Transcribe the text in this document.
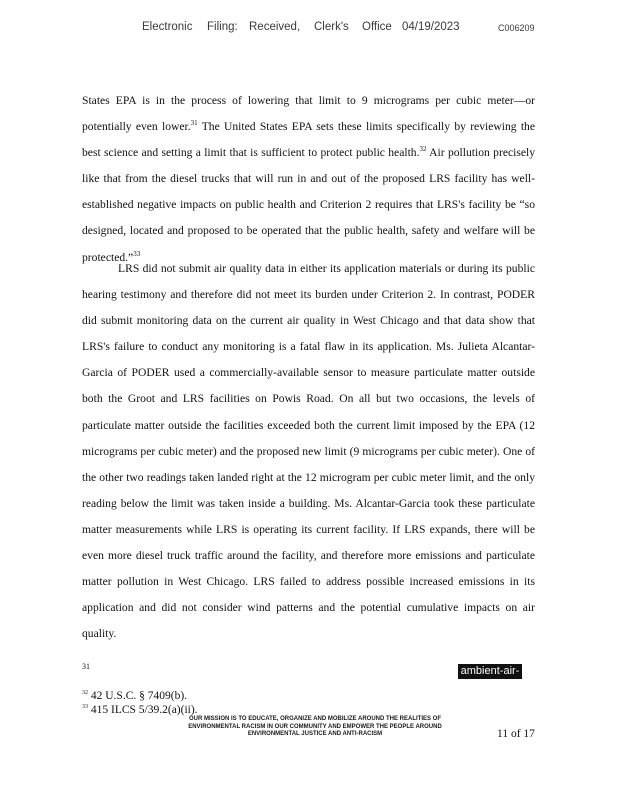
Electronic Filing: Received, Clerk's Office 04/19/2023	C006209

States EPA is in the process of lowering that limit to 9 micrograms per cubic meter—or potentially even lower.$^{31}$ The United States EPA sets these limits specifically by reviewing the best science and setting a limit that is sufficient to protect public health.$^{32}$ Air pollution precisely like that from the diesel trucks that will run in and out of the proposed LRS facility has well-established negative impacts on public health and Criterion 2 requires that LRS's facility be “so designed, located and proposed to be operated that the public health, safety and welfare will be protected.”$^{33}$

LRS did not submit air quality data in either its application materials or during its public hearing testimony and therefore did not meet its burden under Criterion 2. In contrast, PODER did submit monitoring data on the current air quality in West Chicago and that data show that LRS's failure to conduct any monitoring is a fatal flaw in its application. Ms. Julieta Alcantar-Garcia of PODER used a commercially-available sensor to measure particulate matter outside both the Groot and LRS facilities on Powis Road. On all but two occasions, the levels of particulate matter outside the facilities exceeded both the current limit imposed by the EPA (12 micrograms per cubic meter) and the proposed new limit (9 micrograms per cubic meter). One of the other two readings taken landed right at the 12 microgram per cubic meter limit, and the only reading below the limit was taken inside a building. Ms. Alcantar-Garcia took these particulate matter measurements while LRS is operating its current facility. If LRS expands, there will be even more diesel truck traffic around the facility, and therefore more emissions and particulate matter pollution in West Chicago. LRS failed to address possible increased emissions in its application and did not consider wind patterns and the potential cumulative impacts on air quality.

31	ambient-air-
$^{32}$ 42 U.S.C. § 7409(b).
$^{33}$ 415 ILCS 5/39.2(a)(ii).
OUR MISSION IS TO EDUCATE, ORGANIZE AND MOBILIZE AROUND THE REALITIES OF
ENVIRONMENTAL RACISM IN OUR COMMUNITY AND EMPOWER THE PEOPLE AROUND
ENVIRONMENTAL JUSTICE AND ANTI-RACISM	11 of 17
